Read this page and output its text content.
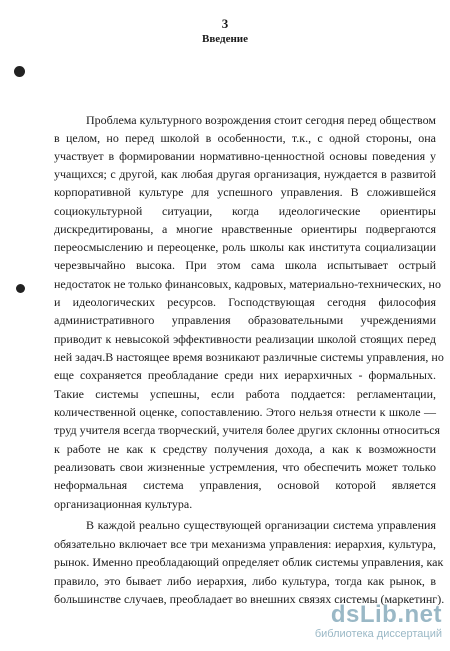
3
Введение
Проблема культурного возрождения стоит сегодня перед обществом
в целом, но перед школой в особенности, т.к., с одной стороны, она
участвует в формировании нормативно-ценностной основы поведения у
учащихся; с другой, как любая другая организация, нуждается в развитой
корпоративной культуре для успешного управления. В сложившейся
социокультурной ситуации, когда идеологические ориентиры
дискредитированы, а многие нравственные ориентиры подвергаются
переосмыслению и переоценке, роль школы как института социализации
черезвычайно высока. При этом сама школа испытывает острый
недостаток не только финансовых, кадровых, материально-технических, но
и идеологических ресурсов. Господствующая сегодня философия
административного управления образовательными учреждениями
приводит к невысокой эффективности реализации школой стоящих перед
ней задач.В настоящее время возникают различные системы управления, но
еще сохраняется преобладание среди них иерархичных - формальных.
Такие системы успешны, если работа поддается: регламентации,
количественной оценке, сопоставлению. Этого нельзя отнести к школе —
труд учителя всегда творческий, учителя более других склонны относиться
к работе не как к средству получения дохода, а как к возможности
реализовать свои жизненные устремления, что обеспечить может только
неформальная система управления, основой которой является
организационная культура.
В каждой реально существующей организации система управления
обязательно включает все три механизма управления: иерархия, культура,
рынок. Именно преобладающий определяет облик системы управления, как
правило, это бывает либо иерархия, либо культура, тогда как рынок, в
большинстве случаев, преобладает во внешних связях системы (маркетинг).
dsLib.net
библиотека диссертаций
